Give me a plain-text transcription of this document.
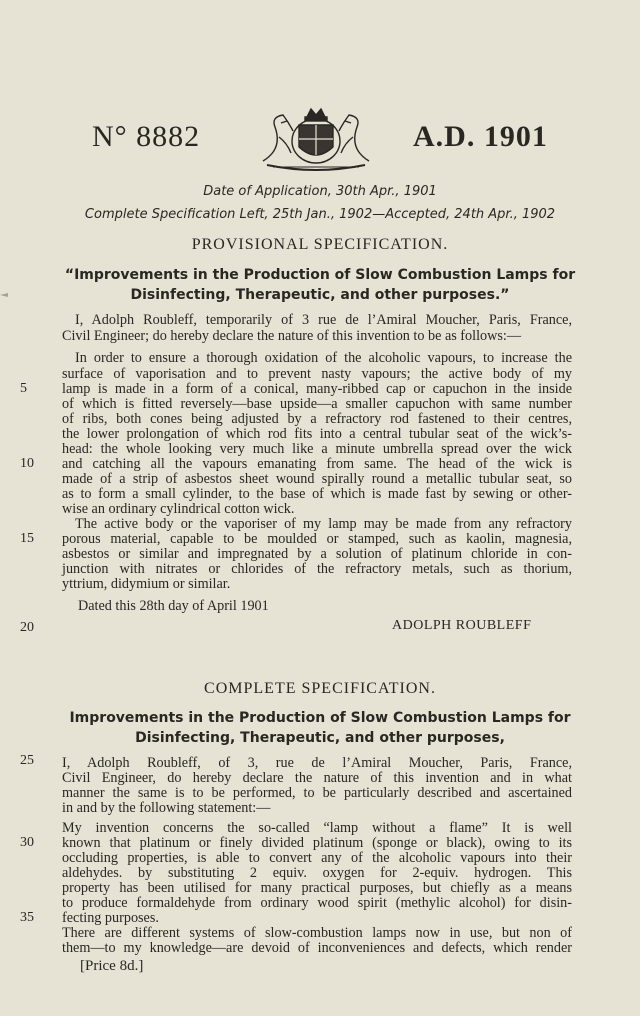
N° 8882	A.D. 1901
Date of Application, 30th Apr., 1901
Complete Specification Left, 25th Jan., 1902—Accepted, 24th Apr., 1902
PROVISIONAL SPECIFICATION.
“Improvements in the Production of Slow Combustion Lamps for
Disinfecting, Therapeutic, and other purposes.”
I, Adolph Roubleff, temporarily of 3 rue de l’Amiral Moucher, Paris, France,
Civil Engineer; do hereby declare the nature of this invention to be as follows:—
In order to ensure a thorough oxidation of the alcoholic vapours, to increase the
surface of vaporisation and to prevent nasty vapours; the active body of my
lamp is made in a form of a conical, many-ribbed cap or capuchon in the inside
of which is fitted reversely—base upside—a smaller capuchon with same number
of ribs, both cones being adjusted by a refractory rod fastened to their centres,
the lower prolongation of which rod fits into a central tubular seat of the wick’s-
head: the whole looking very much like a minute umbrella spread over the wick
and catching all the vapours emanating from same. The head of the wick is
made of a strip of asbestos sheet wound spirally round a metallic tubular seat, so
as to form a small cylinder, to the base of which is made fast by sewing or other-
wise an ordinary cylindrical cotton wick.
The active body or the vaporiser of my lamp may be made from any refractory
porous material, capable to be moulded or stamped, such as kaolin, magnesia,
asbestos or similar and impregnated by a solution of platinum chloride in con-
junction with nitrates or chlorides of the refractory metals, such as thorium,
yttrium, didymium or similar.
Dated this 28th day of April 1901
ADOLPH ROUBLEFF
COMPLETE SPECIFICATION.
Improvements in the Production of Slow Combustion Lamps for
Disinfecting, Therapeutic, and other purposes,
I, Adolph Roubleff, of 3, rue de l’Amiral Moucher, Paris, France,
Civil Engineer, do hereby declare the nature of this invention and in what
manner the same is to be performed, to be particularly described and ascertained
in and by the following statement:—
My invention concerns the so-called “lamp without a flame” It is well
known that platinum or finely divided platinum (sponge or black), owing to its
occluding properties, is able to convert any of the alcoholic vapours into their
aldehydes. by substituting 2 equiv. oxygen for 2-equiv. hydrogen. This
property has been utilised for many practical purposes, but chiefly as a means
to produce formaldehyde from ordinary wood spirit (methylic alcohol) for disin-
fecting purposes.
There are different systems of slow-combustion lamps now in use, but non of
them—to my knowledge—are devoid of inconveniences and defects, which render
5
10
15
20
25
30
35
[Price 8d.]
